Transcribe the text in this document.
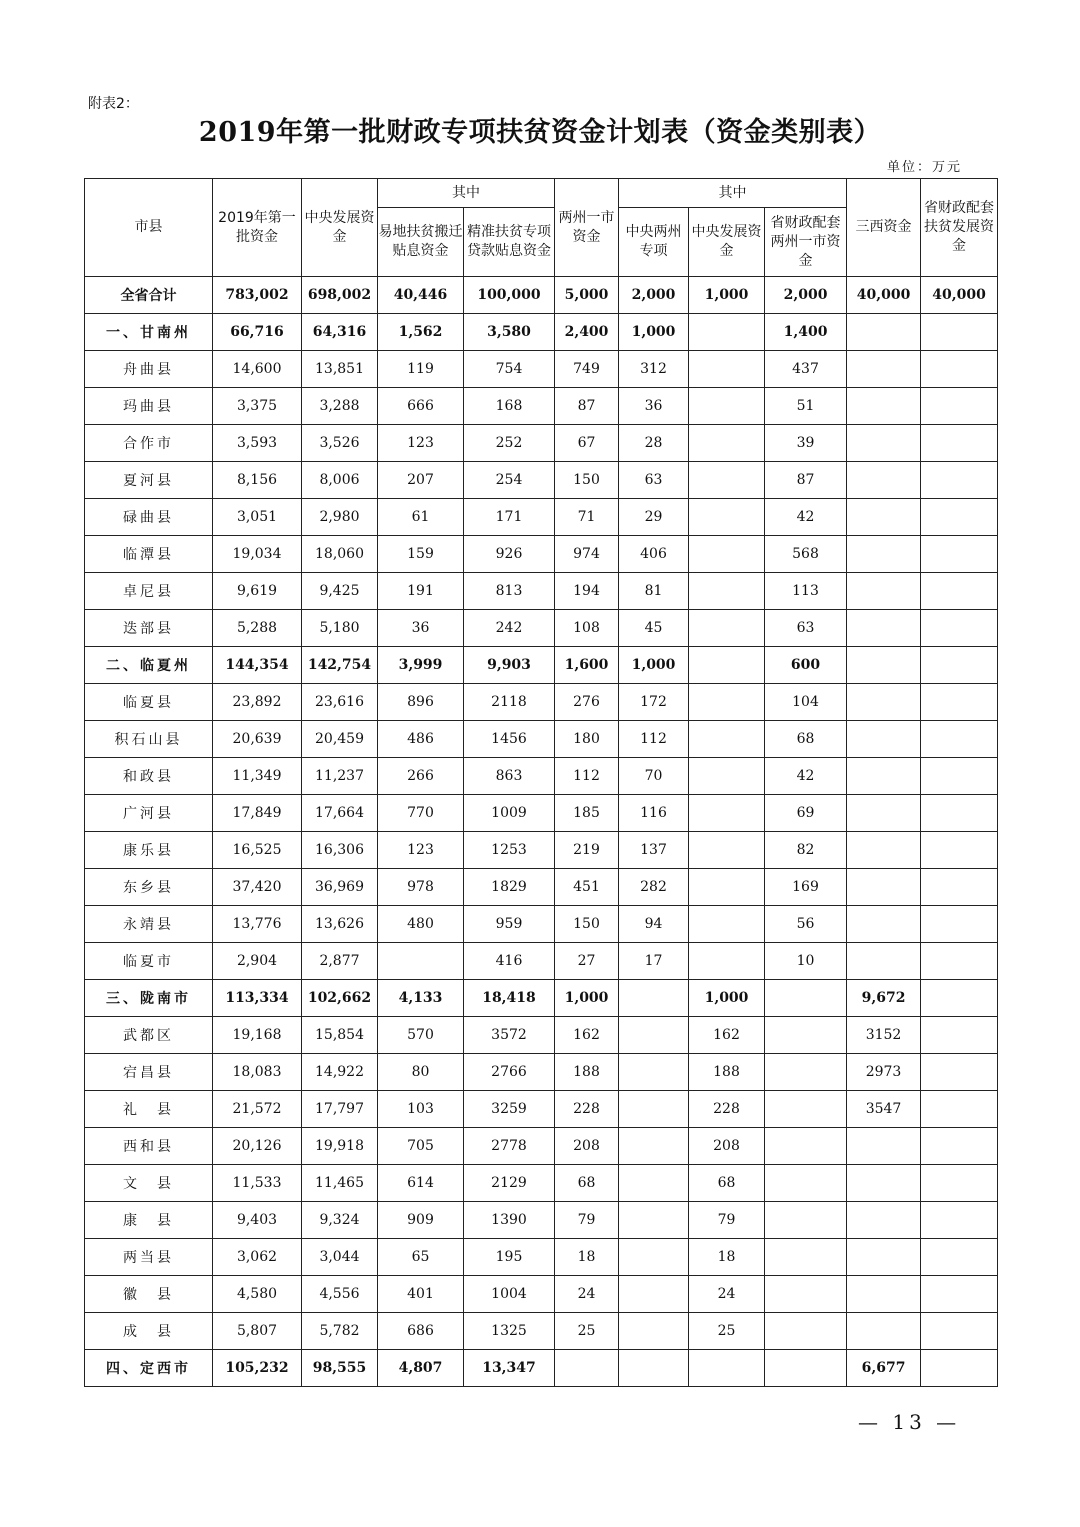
附表2：
2019年第一批财政专项扶贫资金计划表（资金类别表）
单位：万元
市县	2019年第一批资金	中央发展资金	其中		两州一市资金	其中			三西资金	省财政配套扶贫发展资金
			易地扶贫搬迁贴息资金	精准扶贫专项贷款贴息资金		中央两州专项	中央发展资金	省财政配套两州一市资金		
全省合计	783,002	698,002	40,446	100,000	5,000	2,000	1,000	2,000	40,000	40,000
一、甘南州	66,716	64,316	1,562	3,580	2,400	1,000		1,400		
舟曲县	14,600	13,851	119	754	749	312		437		
玛曲县	3,375	3,288	666	168	87	36		51		
合作市	3,593	3,526	123	252	67	28		39		
夏河县	8,156	8,006	207	254	150	63		87		
碌曲县	3,051	2,980	61	171	71	29		42		
临潭县	19,034	18,060	159	926	974	406		568		
卓尼县	9,619	9,425	191	813	194	81		113		
迭部县	5,288	5,180	36	242	108	45		63		
二、临夏州	144,354	142,754	3,999	9,903	1,600	1,000		600		
临夏县	23,892	23,616	896	2118	276	172		104		
积石山县	20,639	20,459	486	1456	180	112		68		
和政县	11,349	11,237	266	863	112	70		42		
广河县	17,849	17,664	770	1009	185	116		69		
康乐县	16,525	16,306	123	1253	219	137		82		
东乡县	37,420	36,969	978	1829	451	282		169		
永靖县	13,776	13,626	480	959	150	94		56		
临夏市	2,904	2,877		416	27	17		10		
三、陇南市	113,334	102,662	4,133	18,418	1,000		1,000		9,672	
武都区	19,168	15,854	570	3572	162		162		3152	
宕昌县	18,083	14,922	80	2766	188		188		2973	
礼　县	21,572	17,797	103	3259	228		228		3547	
西和县	20,126	19,918	705	2778	208		208			
文　县	11,533	11,465	614	2129	68		68			
康　县	9,403	9,324	909	1390	79		79			
两当县	3,062	3,044	65	195	18		18			
徽　县	4,580	4,556	401	1004	24		24			
成　县	5,807	5,782	686	1325	25		25			
四、定西市	105,232	98,555	4,807	13,347					6,677	
— 13 —
